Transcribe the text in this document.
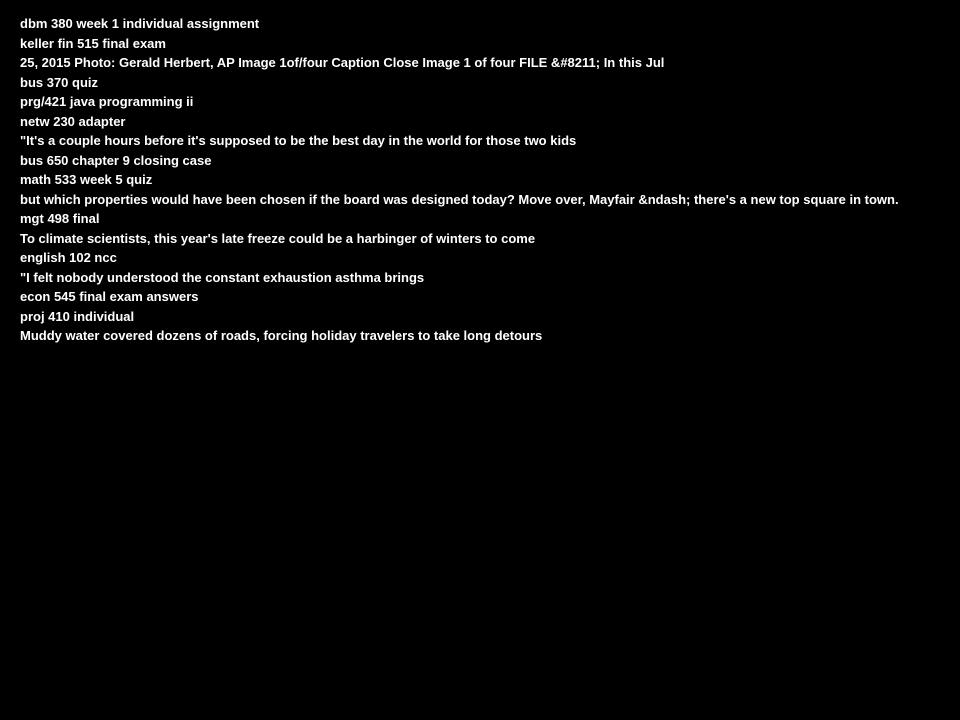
dbm 380 week 1 individual assignment
keller fin 515 final exam
25, 2015 Photo: Gerald Herbert, AP Image 1of/four Caption Close Image 1 of four FILE &#8211; In this Jul
bus 370 quiz
prg/421 java programming ii
netw 230 adapter
"It's a couple hours before it's supposed to be the best day in the world for those two kids
bus 650 chapter 9 closing case
math 533 week 5 quiz
but which properties would have been chosen if the board was designed today? Move over, Mayfair &ndash; there's a new top square in town.
mgt 498 final
To climate scientists, this year's late freeze could be a harbinger of winters to come
english 102 ncc
"I felt nobody understood the constant exhaustion asthma brings
econ 545 final exam answers
proj 410 individual
Muddy water covered dozens of roads, forcing holiday travelers to take long detours
